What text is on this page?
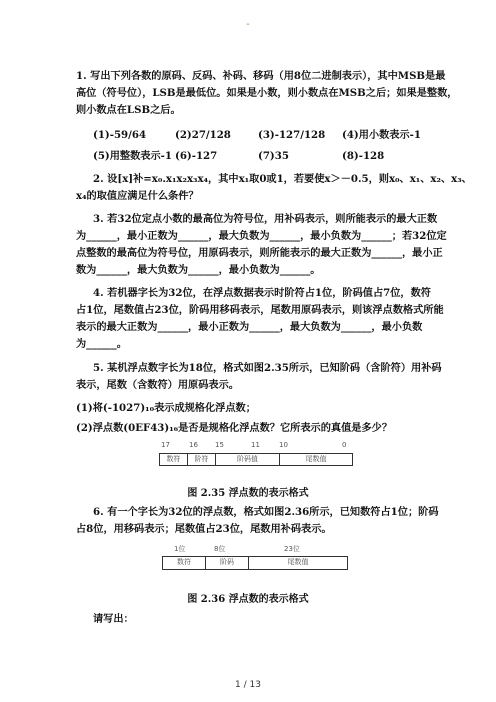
-
1. 写出下列各数的原码、反码、补码、移码（用8位二进制表示），其中MSB是最
高位（符号位），LSB是最低位。如果是小数，则小数点在MSB之后；如果是整数，
则小数点在LSB之后。
(1)-59/64	(2)27/128	(3)-127/128 (4)用小数表示-1
(5)用整数表示-1 (6)-127	(7)35	(8)-128
2. 设[x]补=x₀.x₁x₂x₃x₄，其中x₁取0或1，若要使x＞－0.5，则x₀、x₁、x₂、x₃、
x₄的取值应满足什么条件？
3. 若32位定点小数的最高位为符号位，用补码表示，则所能表示的最大正数
为______，最小正数为______，最大负数为______，最小负数为______；若32位定
点整数的最高位为符号位，用原码表示，则所能表示的最大正数为______，最小正
数为______，最大负数为______，最小负数为______。
4. 若机器字长为32位，在浮点数据表示时阶符占1位，阶码值占7位，数符
占1位，尾数值占23位，阶码用移码表示，尾数用原码表示，则该浮点数格式所能
表示的最大正数为______，最小正数为______，最大负数为______，最小负数
为______。
5. 某机浮点数字长为18位，格式如图2.35所示，已知阶码（含阶符）用补码
表示，尾数（含数符）用原码表示。
(1)将(-1027)₁₀表示成规格化浮点数；
(2)浮点数(0EF43)₁₆是否是规格化浮点数？它所表示的真值是多少？
17	16 15	11	10	0
数符	阶符	阶码值	尾数值
图 2.35 浮点数的表示格式
6. 有一个字长为32位的浮点数，格式如图2.36所示，已知数符占1位；阶码
占8位，用移码表示；尾数值占23位，尾数用补码表示。
1位	8位	23位
数符	阶码	尾数值
图 2.36 浮点数的表示格式
请写出：
1 / 13
